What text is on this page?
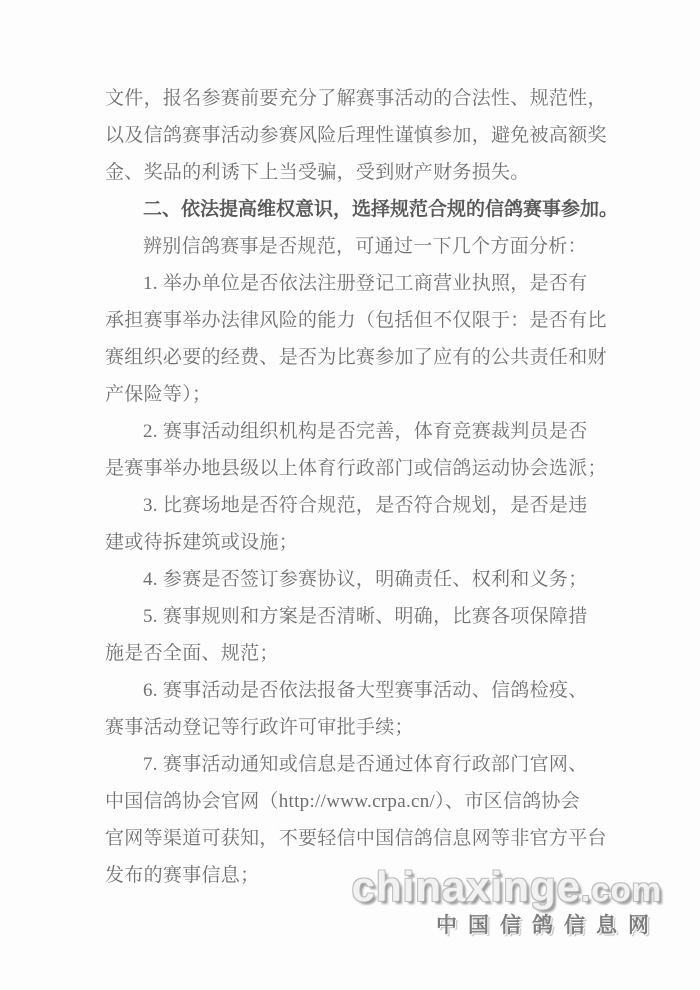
文件，报名参赛前要充分了解赛事活动的合法性、规范性，
以及信鸽赛事活动参赛风险后理性谨慎参加，避免被高额奖
金、奖品的利诱下上当受骗，受到财产财务损失。
二、依法提高维权意识，选择规范合规的信鸽赛事参加。
辨别信鸽赛事是否规范，可通过一下几个方面分析：
1. 举办单位是否依法注册登记工商营业执照，是否有
承担赛事举办法律风险的能力（包括但不仅限于：是否有比
赛组织必要的经费、是否为比赛参加了应有的公共责任和财
产保险等）；
2. 赛事活动组织机构是否完善，体育竞赛裁判员是否
是赛事举办地县级以上体育行政部门或信鸽运动协会选派；
3. 比赛场地是否符合规范，是否符合规划，是否是违
建或待拆建筑或设施；
4. 参赛是否签订参赛协议，明确责任、权利和义务；
5. 赛事规则和方案是否清晰、明确，比赛各项保障措
施是否全面、规范；
6. 赛事活动是否依法报备大型赛事活动、信鸽检疫、
赛事活动登记等行政许可审批手续；
7. 赛事活动通知或信息是否通过体育行政部门官网、
中国信鸽协会官网（http://www.crpa.cn/）、市区信鸽协会
官网等渠道可获知，不要轻信中国信鸽信息网等非官方平台
发布的赛事信息；	chinaxinge.com
中国信鸽信息网
